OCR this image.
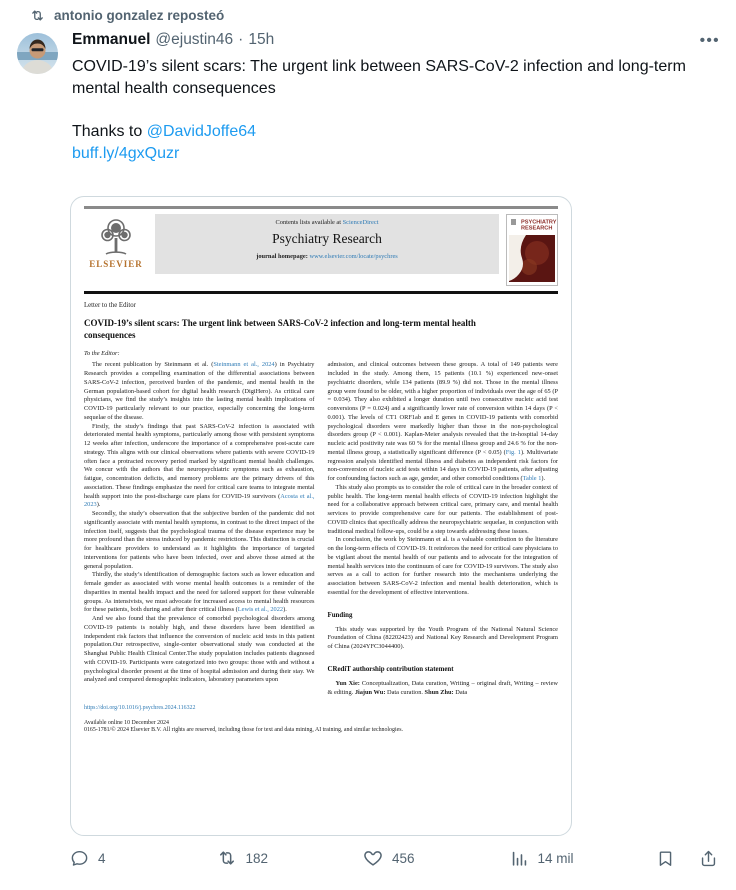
antonio gonzalez reposteó
•••
Emmanuel @ejustin46 · 15h
COVID-19’s silent scars: The urgent link between SARS-CoV-2 infection and long-term mental health consequences
Thanks to @DavidJoffe64
buff.ly/4gxQuzr
ELSEVIER
Contents lists available at ScienceDirect
Psychiatry Research
journal homepage: www.elsevier.com/locate/psychres
PSYCHIATRY
RESEARCH
Letter to the Editor
COVID-19’s silent scars: The urgent link between SARS-CoV-2 infection and long-term mental health consequences
To the Editor:

The recent publication by Steinmann et al. (Steinmann et al., 2024) in Psychiatry Research provides a compelling examination of the differential associations between SARS-CoV-2 infection, perceived burden of the pandemic, and mental health in the German population-based cohort for digital health research (DigiHero). As critical care physicians, we find the study’s insights into the lasting mental health implications of COVID-19 particularly relevant to our practice, especially concerning the long-term sequelae of the disease.

Firstly, the study’s findings that past SARS-CoV-2 infection is associated with deteriorated mental health symptoms, particularly among those with persistent symptoms 12 weeks after infection, underscore the importance of a comprehensive post-acute care strategy. This aligns with our clinical observations where patients with severe COVID-19 often face a protracted recovery period marked by significant mental health challenges. We concur with the authors that the neuropsychiatric symptoms such as exhaustion, fatigue, concentration deficits, and memory problems are the primary drivers of this association. These findings emphasize the need for critical care teams to integrate mental health support into the post-discharge care plans for COVID-19 survivors (Acosta et al., 2023).

Secondly, the study’s observation that the subjective burden of the pandemic did not significantly associate with mental health symptoms, in contrast to the direct impact of the infection itself, suggests that the psychological trauma of the disease experience may be more profound than the stress induced by pandemic restrictions. This distinction is crucial for healthcare providers to understand as it highlights the importance of targeted interventions for patients who have been infected, over and above those aimed at the general population.

Thirdly, the study’s identification of demographic factors such as lower education and female gender as associated with worse mental health outcomes is a reminder of the disparities in mental health impact and the need for tailored support for these vulnerable groups. As intensivists, we must advocate for increased access to mental health resources for these patients, both during and after their critical illness (Lewis et al., 2022).

And we also found that the prevalence of comorbid psychological disorders among COVID-19 patients is notably high, and these disorders have been identified as independent risk factors that influence the conversion of nucleic acid tests in this patient population.Our retrospective, single-center observational study was conducted at the Shanghai Public Health Clinical Center.The study population includes patients diagnosed with COVID-19. Participants were categorized into two groups: those with and without a psychological disorder present at the time of hospital admission and during their stay. We analyzed and compared demographic indicators, laboratory parameters upon

admission, and clinical outcomes between these groups. A total of 149 patients were included in the study. Among them, 15 patients (10.1 %) experienced new-onset psychiatric disorders, while 134 patients (89.9 %) did not. Those in the mental illness group were found to be older, with a higher proportion of individuals over the age of 65 (P = 0.034). They also exhibited a longer duration until two consecutive nucleic acid test conversions (P = 0.024) and a significantly lower rate of conversion within 14 days (P < 0.001). The levels of CT1 ORF1ab and E genes in COVID-19 patients with comorbid psychological disorders were markedly higher than those in the non-psychological disorders group (P < 0.001). Kaplan-Meier analysis revealed that the in-hospital 14-day nucleic acid positivity rate was 60 % for the mental illness group and 24.6 % for the non-mental illness group, a statistically significant difference (P < 0.05) (Fig. 1). Multivariate regression analysis identified mental illness and diabetes as independent risk factors for non-conversion of nucleic acid tests within 14 days in COVID-19 patients, after adjusting for confounding factors such as age, gender, and other comorbid conditions (Table 1).

This study also prompts us to consider the role of critical care in the broader context of public health. The long-term mental health effects of COVID-19 infection highlight the need for a collaborative approach between critical care, primary care, and mental health services to provide comprehensive care for our patients. The establishment of post-COVID clinics that specifically address the neuropsychiatric sequelae, in conjunction with traditional medical follow-ups, could be a step towards addressing these issues.

In conclusion, the work by Steinmann et al. is a valuable contribution to the literature on the long-term effects of COVID-19. It reinforces the need for critical care physicians to be vigilant about the mental health of our patients and to advocate for the integration of mental health services into the continuum of care for COVID-19 survivors. The study also serves as a call to action for further research into the mechanisms underlying the association between SARS-CoV-2 infection and mental health deterioration, which is essential for the development of effective interventions.

Funding

This study was supported by the Youth Program of the National Natural Science Foundation of China (82202423) and National Key Research and Development Program of China (2024YFC3044400).

CRediT authorship contribution statement

Yun Xie: Conceptualization, Data curation, Writing – original draft, Writing – review & editing. Jiajun Wu: Data curation. Shun Zhu: Data

https://doi.org/10.1016/j.psychres.2024.116322
Available online 10 December 2024
0165-1781/© 2024 Elsevier B.V. All rights are reserved, including those for text and data mining, AI training, and similar technologies.
4	182	456	14 mil
